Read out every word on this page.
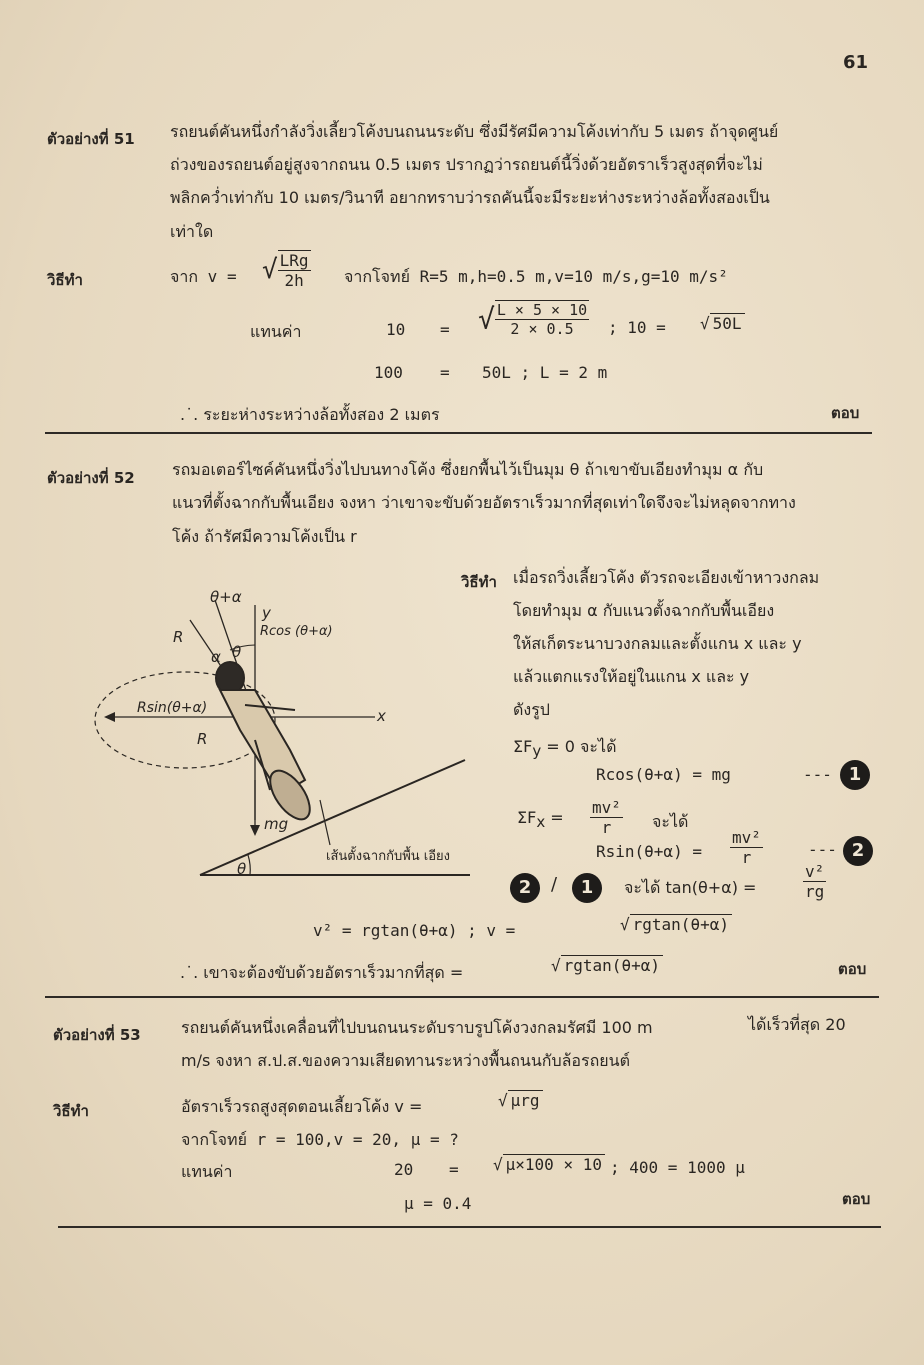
61
ตัวอย่างที่ 51 รถยนต์คันหนึ่งกำลังวิ่งเลี้ยวโค้งบนถนนระดับ ซึ่งมีรัศมีความโค้งเท่ากับ 5 เมตร ถ้าจุดศูนย์
ถ่วงของรถยนต์อยู่สูงจากถนน 0.5 เมตร ปรากฏว่ารถยนต์นี้วิ่งด้วยอัตราเร็วสูงสุดที่จะไม่
พลิกคว่ำเท่ากับ 10 เมตร/วินาที อยากทราบว่ารถคันนี้จะมีระยะห่างระหว่างล้อทั้งสองเป็น
เท่าใด
วิธีทำ	จาก v = √ $\frac{\text{LRg}}{2h}$ จากโจทย์ R=5 m,h=0.5 m,v=10 m/s,g=10 m/s²
แทนค่า	10 = √ $\frac{L \times 5 \times 10}{2 \times 0.5}$ ; 10 = √ 50L
100 = 50L ; L = 2 m
.˙. ระยะห่างระหว่างล้อทั้งสอง 2 เมตร	ตอบ
ตัวอย่างที่ 52 รถมอเตอร์ไซค์คันหนึ่งวิ่งไปบนทางโค้ง ซึ่งยกพื้นไว้เป็นมุม θ ถ้าเขาขับเอียงทำมุม α กับ
แนวที่ตั้งฉากกับพื้นเอียง จงหา ว่าเขาจะขับด้วยอัตราเร็วมากที่สุดเท่าใดจึงจะไม่หลุดจากทาง
โค้ง ถ้ารัศมีความโค้งเป็น r
θ+α
y
R	Rcos (θ+α)
α θ
Rsin(θ+α)	x
R
mg
เส้นตั้งฉากกับพื้น เอียง
θ
วิธีทำ เมื่อรถวิ่งเลี้ยวโค้ง ตัวรถจะเอียงเข้าหาวงกลม
โดยทำมุม α กับแนวตั้งฉากกับพื้นเอียง
ให้สเก็ตระนาบวงกลมและตั้งแกน x และ y
แล้วแตกแรงให้อยู่ในแกน x และ y
ดังรูป
$\Sigma F_y = 0$ จะได้
Rcos(θ+α) = mg	--- 1
$\Sigma F_x = \frac{\text{mv²}}{r}$ จะได้
$Rsin(\theta+\alpha) = \frac{\text{mv²}}{r}$	--- 2
2	/	1	จะได้ tan(θ+α) =	$\frac{\text{v²}}{rg}$
v² = rgtan(θ+α) ; v =	√ rgtan(θ+α)
.˙. เขาจะต้องขับด้วยอัตราเร็วมากที่สุด =	√ rgtan(θ+α)	ตอบ
ตัวอย่างที่ 53	รถยนต์คันหนึ่งเคลื่อนที่ไปบนถนนระดับราบรูปโค้งวงกลมรัศมี 100 m	ได้เร็วที่สุด 20
m/s จงหา ส.ป.ส.ของความเสียดทานระหว่างพื้นถนนกับล้อรถยนต์
วิธีทำ	อัตราเร็วรถสูงสุดตอนเลี้ยวโค้ง v =	√ μrg
จากโจทย์ r = 100,v = 20, μ = ?
แทนค่า	20 = √ μ×100 × 10 ; 400 = 1000 μ
μ = 0.4	ตอบ
